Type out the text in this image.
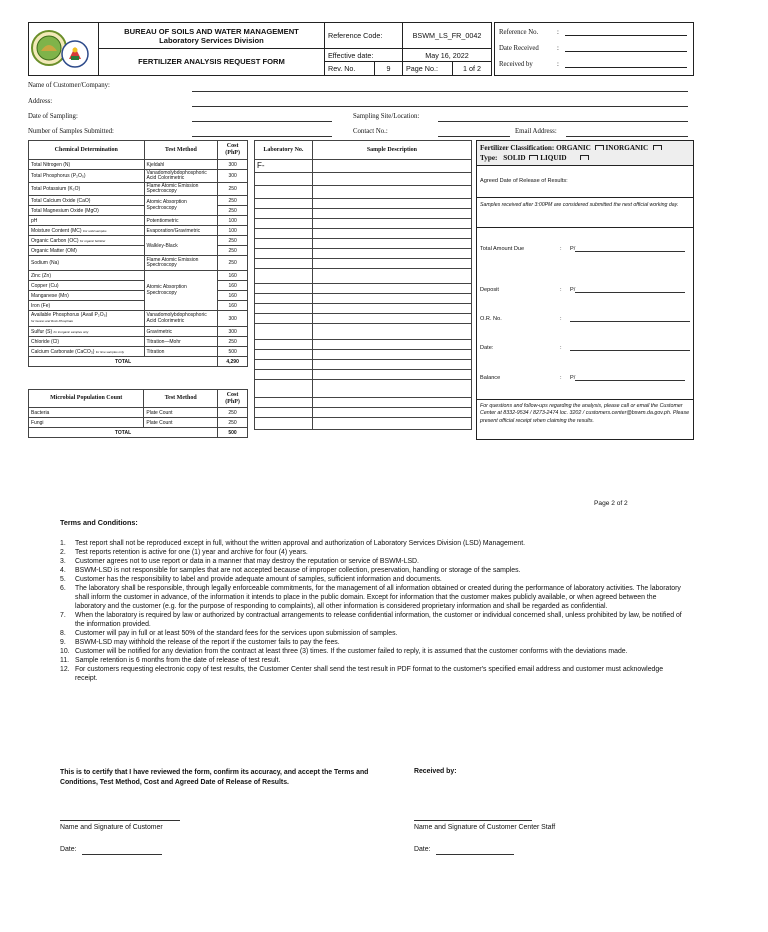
BUREAU OF SOILS AND WATER MANAGEMENT
Laboratory Services Division
FERTILIZER ANALYSIS REQUEST FORM
Reference Code:	BSWM_LS_FR_0042
Effective date:	May 16, 2022
Rev. No.	9	Page No.:	1 of 2
Reference No.	:
Date Received	:
Received by	:
Name of Customer/Company:
Address:
Date of Sampling:	Sampling Site/Location:
Number of Samples Submitted:	Contact No.:	Email Address:
Chemical Determination	Test Method	Cost (PhP)
Total Nitrogen (N)	Kjeldahl	300
Total Phosphorus (P₂O₅)	Vanadomolybdophosphoric Acid Colorimetric	300
Total Potassium (K₂O)	Flame Atomic Emission Spectroscopy	250
Total Calcium Oxide (CaO)	Atomic Absorption Spectroscopy	250
Total Magnesium Oxide (MgO)		250
pH	Potentiometric	100
Moisture Content (MC) For solid samples	Evaporation/Gravimetric	100
Organic Carbon (OC) for organic fertilizer	Walkley-Black	250
Organic Matter (OM)		250
Sodium (Na)	Flame Atomic Emission Spectroscopy	250
Zinc (Zn)	Atomic Absorption Spectroscopy	160
Copper (Cu)		160
Manganese (Mn)		160
Iron (Fe)		160

Available Phosphorus (Avail P₂O₅)
for Guano and Rock Phosphate	Vanadomolybdophosphoric Acid Colorimetric	300
Sulfur (S) for inorganic samples only	Gravimetric	300
Chloride (Cl)	Titration—Mohr	250
Calcium Carbonate (CaCO₃) for lime samples only	Titration	500
TOTAL		4,290
Microbial Population Count	Test Method	Cost (PhP)
Bacteria	Plate Count	250
Fungi	Plate Count	250
TOTAL		500
Laboratory No.	Sample Description
F-	

Fertilizer Classification: ORGANIC INORGANIC
Type: SOLID LIQUID
Agreed Date of Release of Results:
Samples received after 3:00PM are considered submitted the next official working day.
Total Amount Due	: P/
Deposit	: P/
O.R. No.	:
Date:	:
Balance	: P/
For questions and follow-ups regarding the analysis, please call or email the Customer Center at 8332-9534 / 8273-2474 loc. 3202 / customers.center@bswm.da.gov.ph. Please present official receipt when claiming the results.
Page 2 of 2
Terms and Conditions:
1.	Test report shall not be reproduced except in full, without the written approval and authorization of Laboratory Services Division (LSD) Management.
2.	Test reports retention is active for one (1) year and archive for four (4) years.
3.	Customer agrees not to use report or data in a manner that may destroy the reputation or service of BSWM-LSD.
4.	BSWM-LSD is not responsible for samples that are not accepted because of improper collection, preservation, handling or storage of the samples.
5.	Customer has the responsibility to label and provide adequate amount of samples, sufficient information and documents.
6.	The laboratory shall be responsible, through legally enforceable commitments, for the management of all information obtained or created during the performance of laboratory activities. The laboratory shall inform the customer in advance, of the information it intends to place in the public domain. Except for information that the customer makes publicly available, or when agreed between the laboratory and the customer (e.g. for the purpose of responding to complaints), all other information is considered proprietary information and shall be regarded as confidential.
7.	When the laboratory is required by law or authorized by contractual arrangements to release confidential information, the customer or individual concerned shall, unless prohibited by law, be notified of the information provided.
8.	Customer will pay in full or at least 50% of the standard fees for the services upon submission of samples.
9.	BSWM-LSD may withhold the release of the report if the customer fails to pay the fees.
10. Customer will be notified for any deviation from the contract at least three (3) times. If the customer failed to reply, it is assumed that the customer conforms with the deviations made.
11. Sample retention is 6 months from the date of release of test result.
12. For customers requesting electronic copy of test results, the Customer Center shall send the test result in PDF format to the customer's specified email address and customer must acknowledge receipt.
This is to certify that I have reviewed the form, confirm its accuracy, and accept the Terms and Conditions, Test Method, Cost and Agreed Date of Release of Results.
Received by:
Name and Signature of Customer	Name and Signature of Customer Center Staff
Date:	Date:
